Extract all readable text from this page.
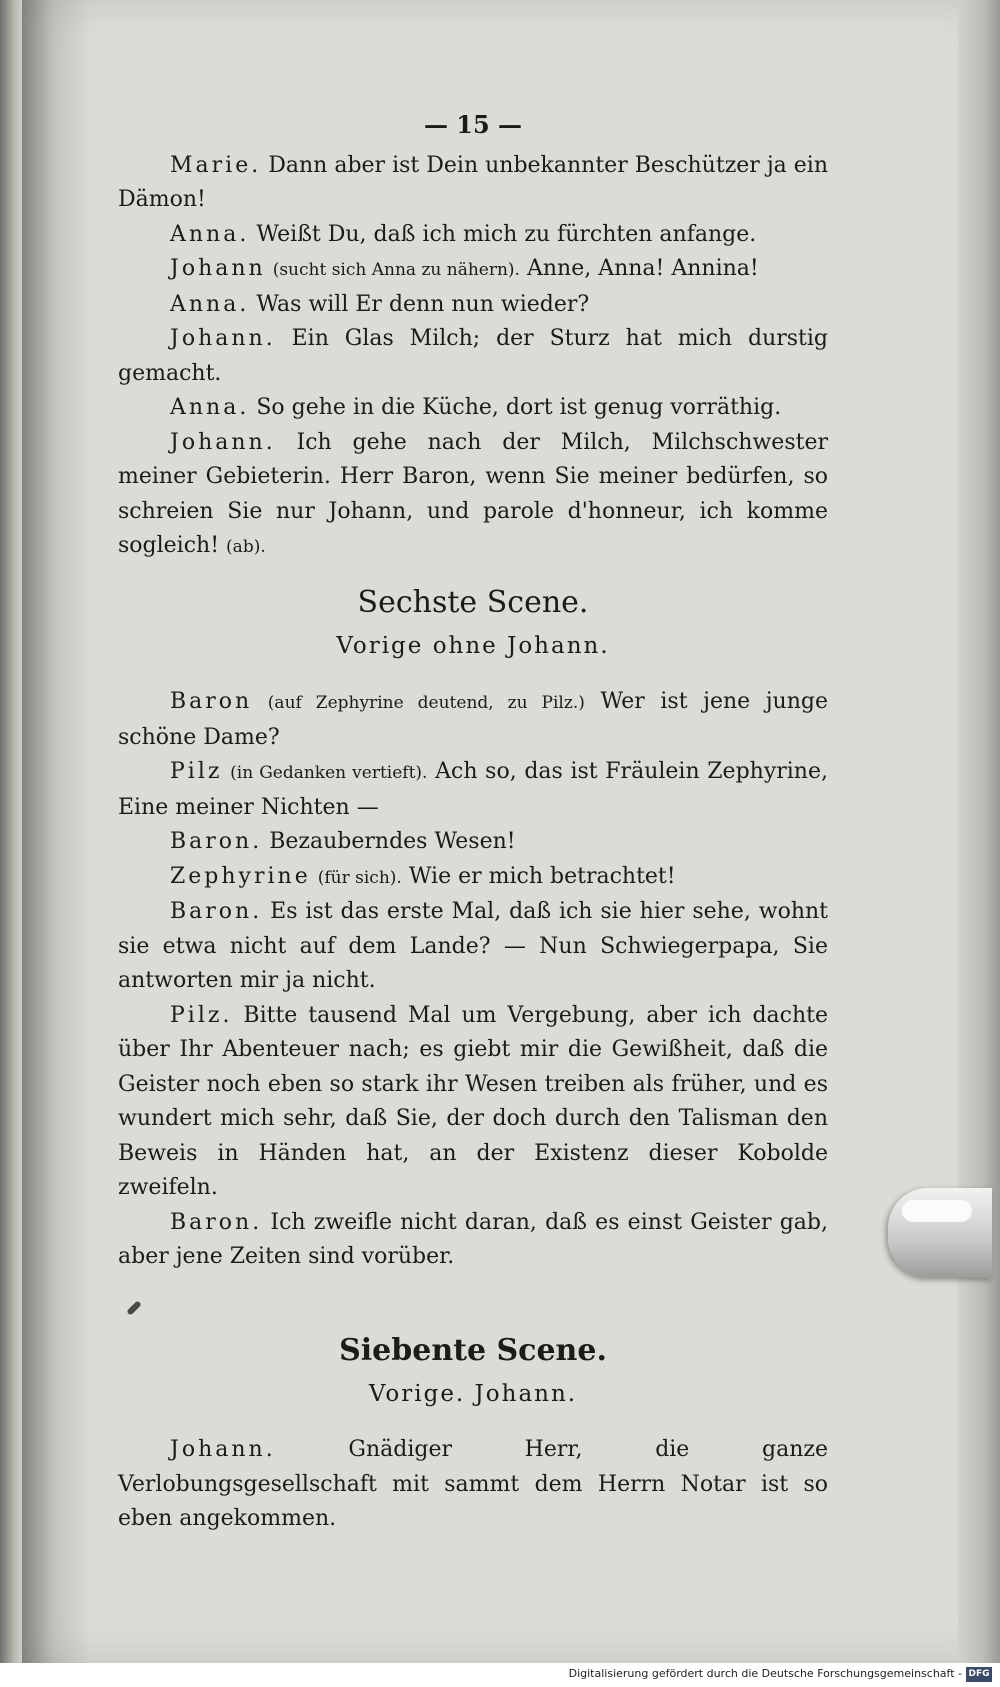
— 15 —

Marie. Dann aber ist Dein unbekannter Beschützer ja ein Dämon!

Anna. Weißt Du, daß ich mich zu fürchten anfange.

Johann (sucht sich Anna zu nähern). Anne, Anna! Annina!

Anna. Was will Er denn nun wieder?

Johann. Ein Glas Milch; der Sturz hat mich durstig gemacht.

Anna. So gehe in die Küche, dort ist genug vorräthig.

Johann. Ich gehe nach der Milch, Milchschwester meiner Gebieterin. Herr Baron, wenn Sie meiner bedürfen, so schreien Sie nur Johann, und parole d'honneur, ich komme sogleich! (ab).

Sechste Scene.
Vorige ohne Johann.

Baron (auf Zephyrine deutend, zu Pilz.) Wer ist jene junge schöne Dame?

Pilz (in Gedanken vertieft). Ach so, das ist Fräulein Zephyrine, Eine meiner Nichten —

Baron. Bezauberndes Wesen!

Zephyrine (für sich). Wie er mich betrachtet!

Baron. Es ist das erste Mal, daß ich sie hier sehe, wohnt sie etwa nicht auf dem Lande? — Nun Schwiegerpapa, Sie antworten mir ja nicht.

Pilz. Bitte tausend Mal um Vergebung, aber ich dachte über Ihr Abenteuer nach; es giebt mir die Gewißheit, daß die Geister noch eben so stark ihr Wesen treiben als früher, und es wundert mich sehr, daß Sie, der doch durch den Talisman den Beweis in Händen hat, an der Existenz dieser Kobolde zweifeln.

Baron. Ich zweifle nicht daran, daß es einst Geister gab, aber jene Zeiten sind vorüber.

Siebente Scene.
Vorige. Johann.

Johann.	Gnädiger Herr, die ganze Verlobungsgesellschaft mit sammt dem Herrn Notar ist so eben angekommen.

Digitalisierung gefördert durch die Deutsche Forschungsgemeinschaft - DFG
